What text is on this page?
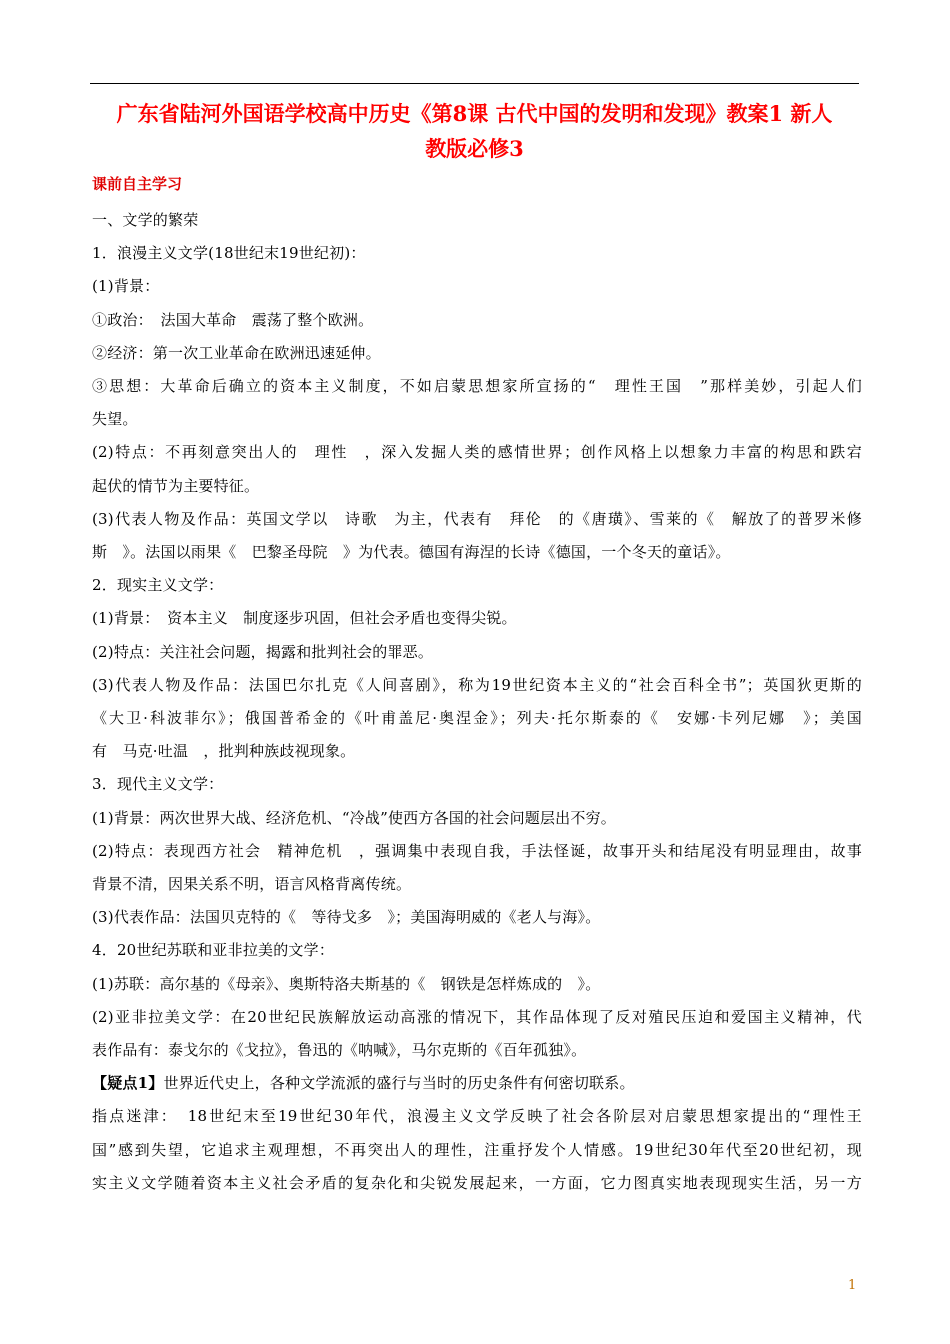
广东省陆河外国语学校高中历史《第8课 古代中国的发明和发现》教案1 新人
教版必修3
课前自主学习

一、文学的繁荣

1．浪漫主义文学(18世纪末19世纪初)：

(1)背景：

①政治：　法国大革命　震荡了整个欧洲。

②经济：第一次工业革命在欧洲迅速延伸。

③思想：大革命后确立的资本主义制度，不如启蒙思想家所宣扬的“　理性王国　”那样美妙，引起人们

失望。

(2)特点：不再刻意突出人的　理性　，深入发掘人类的感情世界；创作风格上以想象力丰富的构思和跌宕

起伏的情节为主要特征。

(3)代表人物及作品：英国文学以　诗歌　为主，代表有　拜伦　的《唐璜》、雪莱的《　解放了的普罗米修

斯　》。法国以雨果《　巴黎圣母院　》为代表。德国有海涅的长诗《德国，一个冬天的童话》。

2．现实主义文学：

(1)背景：　资本主义　制度逐步巩固，但社会矛盾也变得尖锐。

(2)特点：关注社会问题，揭露和批判社会的罪恶。

(3)代表人物及作品：法国巴尔扎克《人间喜剧》，称为19世纪资本主义的“社会百科全书”；英国狄更斯的

《大卫·科波菲尔》；俄国普希金的《叶甫盖尼·奥涅金》；列夫·托尔斯泰的《　安娜·卡列尼娜　》；美国

有　马克·吐温　，批判种族歧视现象。

3．现代主义文学：

(1)背景：两次世界大战、经济危机、“冷战”使西方各国的社会问题层出不穷。

(2)特点：表现西方社会　精神危机　，强调集中表现自我，手法怪诞，故事开头和结尾没有明显理由，故事

背景不清，因果关系不明，语言风格背离传统。

(3)代表作品：法国贝克特的《　等待戈多　》；美国海明威的《老人与海》。

4．20世纪苏联和亚非拉美的文学：

(1)苏联：高尔基的《母亲》、奥斯特洛夫斯基的《　钢铁是怎样炼成的　》。

(2)亚非拉美文学：在20世纪民族解放运动高涨的情况下，其作品体现了反对殖民压迫和爱国主义精神，代

表作品有：泰戈尔的《戈拉》，鲁迅的《呐喊》，马尔克斯的《百年孤独》。

【疑点1】世界近代史上，各种文学流派的盛行与当时的历史条件有何密切联系。

指点迷津：　18世纪末至19世纪30年代，浪漫主义文学反映了社会各阶层对启蒙思想家提出的“理性王

国”感到失望，它追求主观理想，不再突出人的理性，注重抒发个人情感。19世纪30年代至20世纪初，现

实主义文学随着资本主义社会矛盾的复杂化和尖锐发展起来，一方面，它力图真实地表现现实生活，另一方

1
